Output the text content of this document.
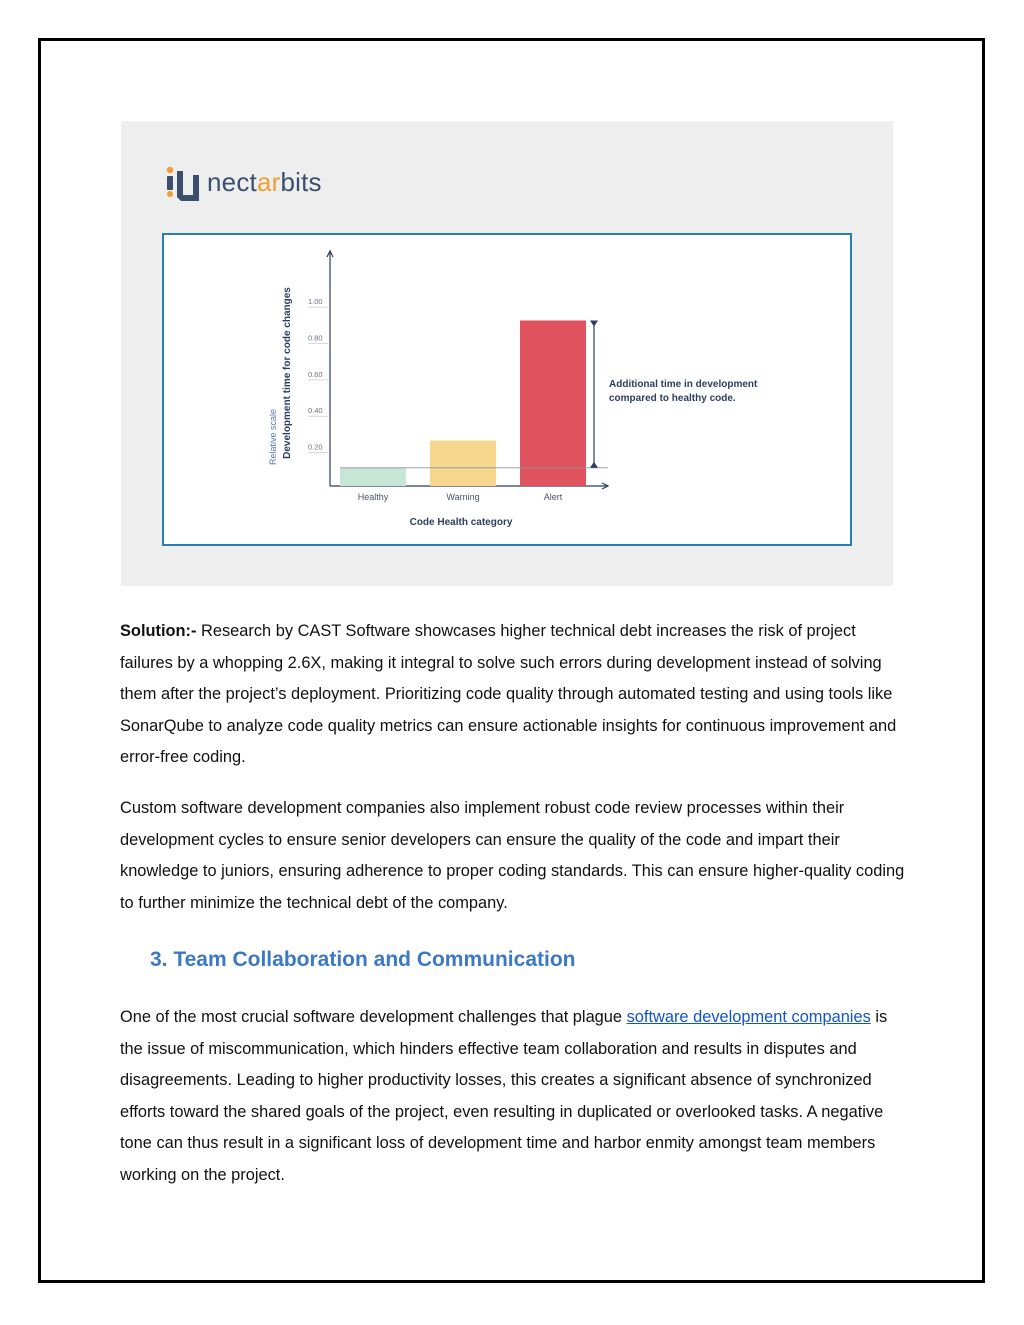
nectarbits
1.00
0.80
0.60
0.40
0.20
Healthy	Warning	Alert
Code Health category
Development time for code changes
Relative scale
Additional time in development
compared to healthy code.
Solution:- Research by CAST Software showcases higher technical debt increases the risk of project failures by a whopping 2.6X, making it integral to solve such errors during development instead of solving them after the project’s deployment. Prioritizing code quality through automated testing and using tools like SonarQube to analyze code quality metrics can ensure actionable insights for continuous improvement and error-free coding.
Custom software development companies also implement robust code review processes within their development cycles to ensure senior developers can ensure the quality of the code and impart their knowledge to juniors, ensuring adherence to proper coding standards. This can ensure higher-quality coding to further minimize the technical debt of the company.
3. Team Collaboration and Communication
One of the most crucial software development challenges that plague software development companies is the issue of miscommunication, which hinders effective team collaboration and results in disputes and disagreements. Leading to higher productivity losses, this creates a significant absence of synchronized efforts toward the shared goals of the project, even resulting in duplicated or overlooked tasks. A negative tone can thus result in a significant loss of development time and harbor enmity amongst team members working on the project.
